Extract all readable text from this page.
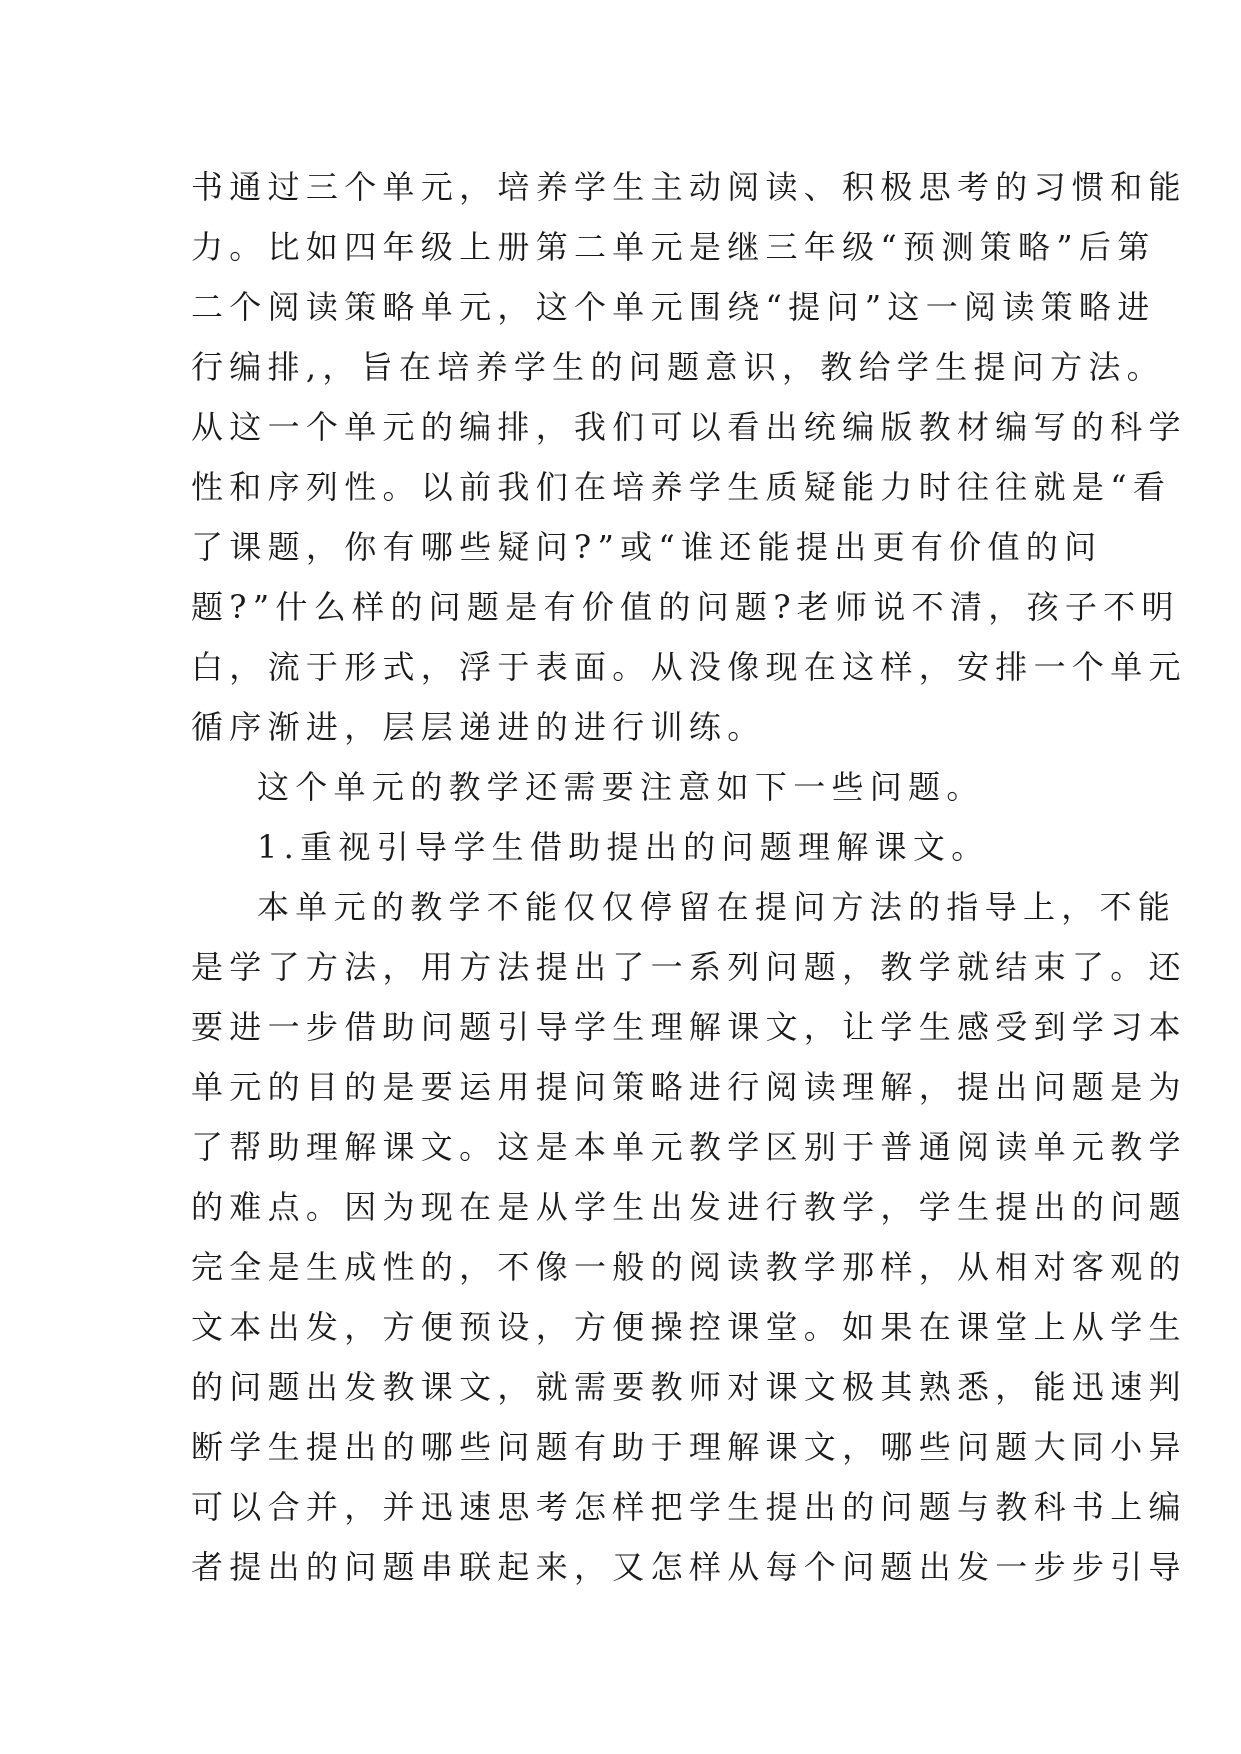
书通过三个单元，培养学生主动阅读、积极思考的习惯和能
力。比如四年级上册第二单元是继三年级“预测策略”后第
二个阅读策略单元，这个单元围绕“提问”这一阅读策略进
行编排,，旨在培养学生的问题意识，教给学生提问方法。
从这一个单元的编排，我们可以看出统编版教材编写的科学
性和序列性。以前我们在培养学生质疑能力时往往就是“看
了课题，你有哪些疑问?”或“谁还能提出更有价值的问
题?”什么样的问题是有价值的问题?老师说不清，孩子不明
白，流于形式，浮于表面。从没像现在这样，安排一个单元
循序渐进，层层递进的进行训练。
这个单元的教学还需要注意如下一些问题。
1.重视引导学生借助提出的问题理解课文。
本单元的教学不能仅仅停留在提问方法的指导上，不能
是学了方法，用方法提出了一系列问题，教学就结束了。还
要进一步借助问题引导学生理解课文，让学生感受到学习本
单元的目的是要运用提问策略进行阅读理解，提出问题是为
了帮助理解课文。这是本单元教学区别于普通阅读单元教学
的难点。因为现在是从学生出发进行教学，学生提出的问题
完全是生成性的，不像一般的阅读教学那样，从相对客观的
文本出发，方便预设，方便操控课堂。如果在课堂上从学生
的问题出发教课文，就需要教师对课文极其熟悉，能迅速判
断学生提出的哪些问题有助于理解课文，哪些问题大同小异
可以合并，并迅速思考怎样把学生提出的问题与教科书上编
者提出的问题串联起来，又怎样从每个问题出发一步步引导
